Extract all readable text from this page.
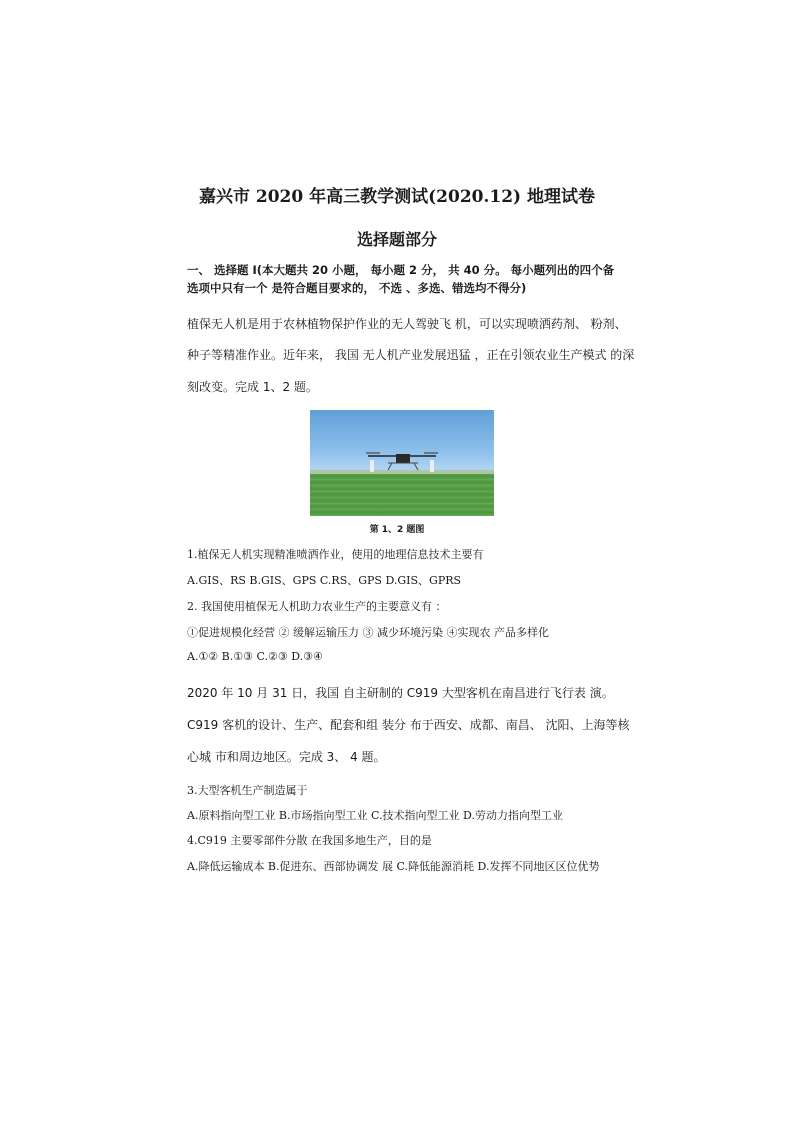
嘉兴市 2020 年高三教学测试(2020.12) 地理试卷
选择题部分
一、 选择题 I(本大题共 20 小题， 每小题 2 分， 共 40 分。 每小题列出的四个备
选项中只有一个 是符合题目要求的， 不选 、多选、错选均不得分)
植保无人机是用于农林植物保护作业的无人驾驶飞 机，可以实现喷洒药剂、 粉剂、
种子等精准作业。近年来， 我国 无人机产业发展迅猛 ，正在引领农业生产模式 的深
刻改变。完成 1、2 题。
第 1、2 题图
1.植保无人机实现精准喷洒作业，使用的地理信息技术主要有
A.GIS、RS B.GIS、GPS C.RS、GPS D.GIS、GPRS
2. 我国使用植保无人机助力农业生产的主要意义有 ：
①促进规模化经营 ② 缓解运输压力 ③ 减少环境污染 ④实现农 产品多样化
A.①② B.①③ C.②③ D.③④
2020 年 10 月 31 日，我国 自主研制的 C919 大型客机在南昌进行飞行表 演。
C919 客机的设计、生产、配套和组 装分 布于西安、成都、南昌、 沈阳、上海等核
心城 市和周边地区。完成 3、 4 题。
3.大型客机生产制造属于
A.原料指向型工业 B.市场指向型工业 C.技术指向型工业 D.劳动力指向型工业
4.C919 主要零部件分散 在我国多地生产，目的是
A.降低运输成本 B.促进东、西部协调发 展 C.降低能源消耗 D.发挥不同地区区位优势
